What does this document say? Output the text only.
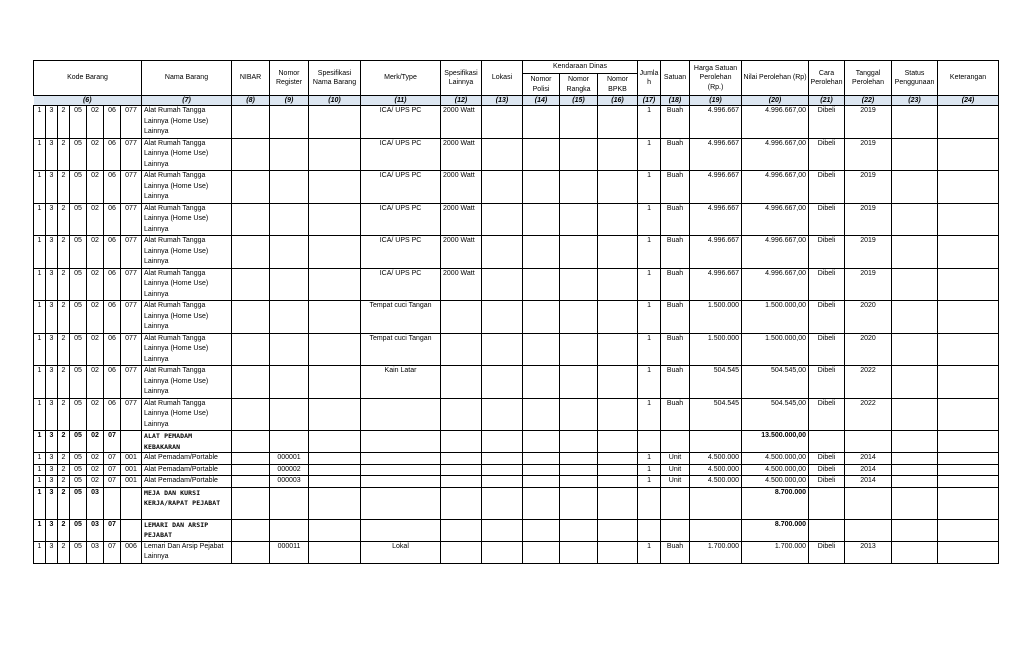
Kode Barang							Nama Barang	NIBAR	Nomor Register	Spesifikasi Nama Barang	Merk/Type	Spesifikasi Lainnya	Lokasi	Kendaraan Dinas			Jumla h	Satuan	Harga Satuan Perolehan (Rp.)	Nilai Perolehan (Rp)	Cara Perolehan	Tanggal Perolehan	Status Penggunaan	Keterangan
														Nomor Polisi	Nomor Rangka	Nomor BPKB								
(6)							(7)	(8)	(9)	(10)	(11)	(12)	(13)	(14)	(15)	(16)	(17)	(18)	(19)	(20)	(21)	(22)	(23)	(24)
1	3	2	05	02	06	077	Alat Rumah Tangga Lainnya (Home Use) Lainnya				ICA/ UPS PC	2000 Watt					1	Buah	4.996.667	4.996.667,00	Dibeli	2019		
1	3	2	05	02	06	077	Alat Rumah Tangga Lainnya (Home Use) Lainnya				ICA/ UPS PC	2000 Watt					1	Buah	4.996.667	4.996.667,00	Dibeli	2019		
1	3	2	05	02	06	077	Alat Rumah Tangga Lainnya (Home Use) Lainnya				ICA/ UPS PC	2000 Watt					1	Buah	4.996.667	4.996.667,00	Dibeli	2019		
1	3	2	05	02	06	077	Alat Rumah Tangga Lainnya (Home Use) Lainnya				ICA/ UPS PC	2000 Watt					1	Buah	4.996.667	4.996.667,00	Dibeli	2019		
1	3	2	05	02	06	077	Alat Rumah Tangga Lainnya (Home Use) Lainnya				ICA/ UPS PC	2000 Watt					1	Buah	4.996.667	4.996.667,00	Dibeli	2019		
1	3	2	05	02	06	077	Alat Rumah Tangga Lainnya (Home Use) Lainnya				ICA/ UPS PC	2000 Watt					1	Buah	4.996.667	4.996.667,00	Dibeli	2019		
1	3	2	05	02	06	077	Alat Rumah Tangga Lainnya (Home Use) Lainnya				Tempat cuci Tangan						1	Buah	1.500.000	1.500.000,00	Dibeli	2020		
1	3	2	05	02	06	077	Alat Rumah Tangga Lainnya (Home Use) Lainnya				Tempat cuci Tangan						1	Buah	1.500.000	1.500.000,00	Dibeli	2020		
1	3	2	05	02	06	077	Alat Rumah Tangga Lainnya (Home Use) Lainnya				Kain Latar						1	Buah	504.545	504.545,00	Dibeli	2022		
1	3	2	05	02	06	077	Alat Rumah Tangga Lainnya (Home Use) Lainnya										1	Buah	504.545	504.545,00	Dibeli	2022		
1	3	2	05	02	07		ALAT PEMADAM KEBAKARAN													13.500.000,00				
1	3	2	05	02	07	001	Alat Pemadam/Portable		000001								1	Unit	4.500.000	4.500.000,00	Dibeli	2014		
1	3	2	05	02	07	001	Alat Pemadam/Portable		000002								1	Unit	4.500.000	4.500.000,00	Dibeli	2014		
1	3	2	05	02	07	001	Alat Pemadam/Portable		000003								1	Unit	4.500.000	4.500.000,00	Dibeli	2014		
1	3	2	05	03			MEJA DAN KURSI KERJA/RAPAT PEJABAT													8.700.000				
1	3	2	05	03	07		LEMARI DAN ARSIP PEJABAT													8.700.000				
1	3	2	05	03	07	006	Lemari Dan Arsip Pejabat Lainnya		000011		Lokal						1	Buah	1.700.000	1.700.000	Dibeli	2013		
